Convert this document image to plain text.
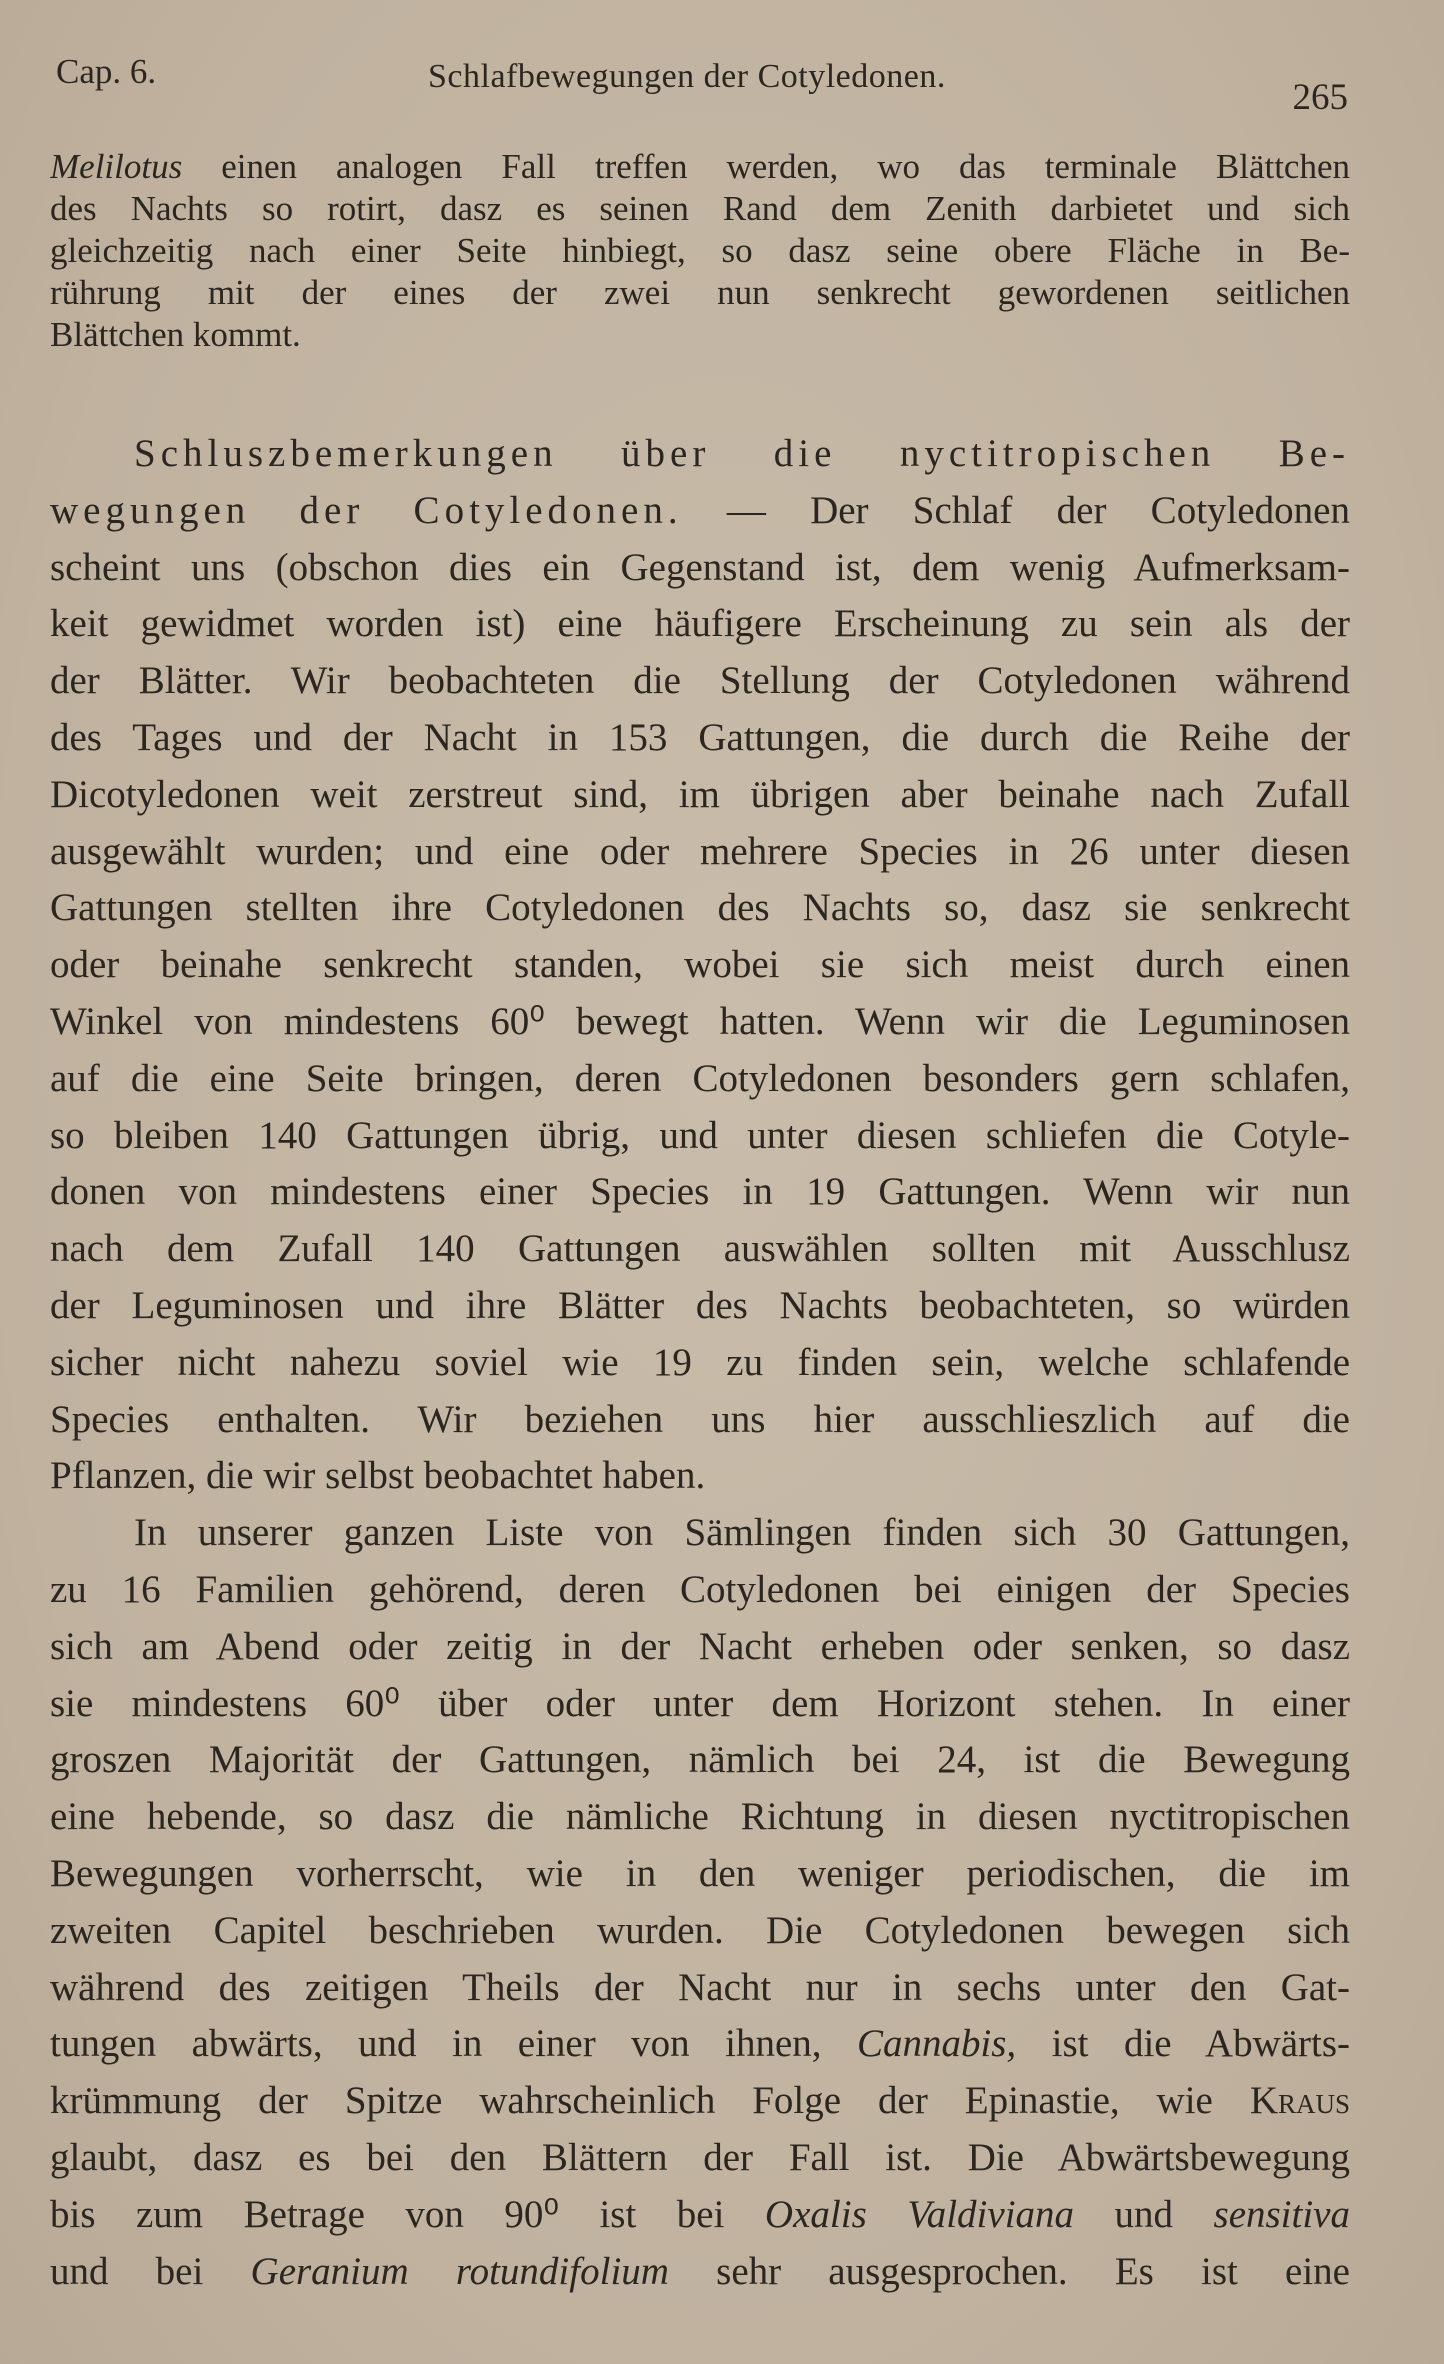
Cap. 6.	Schlafbewegungen der Cotyledonen.
265
Melilotus einen analogen Fall treffen werden, wo das terminale Blättchen
des Nachts so rotirt, dasz es seinen Rand dem Zenith darbietet und sich
gleichzeitig nach einer Seite hinbiegt, so dasz seine obere Fläche in Be-
rührung mit der eines der zwei nun senkrecht gewordenen seitlichen
Blättchen kommt.
Schluszbemerkungen über die nyctitropischen Be-
wegungen der Cotyledonen. — Der Schlaf der Cotyledonen
scheint uns (obschon dies ein Gegenstand ist, dem wenig Aufmerksam-
keit gewidmet worden ist) eine häufigere Erscheinung zu sein als der
der Blätter. Wir beobachteten die Stellung der Cotyledonen während
des Tages und der Nacht in 153 Gattungen, die durch die Reihe der
Dicotyledonen weit zerstreut sind, im übrigen aber beinahe nach Zufall
ausgewählt wurden; und eine oder mehrere Species in 26 unter diesen
Gattungen stellten ihre Cotyledonen des Nachts so, dasz sie senkrecht
oder beinahe senkrecht standen, wobei sie sich meist durch einen
Winkel von mindestens 60⁰ bewegt hatten. Wenn wir die Leguminosen
auf die eine Seite bringen, deren Cotyledonen besonders gern schlafen,
so bleiben 140 Gattungen übrig, und unter diesen schliefen die Cotyle-
donen von mindestens einer Species in 19 Gattungen. Wenn wir nun
nach dem Zufall 140 Gattungen auswählen sollten mit Ausschlusz
der Leguminosen und ihre Blätter des Nachts beobachteten, so würden
sicher nicht nahezu soviel wie 19 zu finden sein, welche schlafende
Species enthalten. Wir beziehen uns hier ausschlieszlich auf die
Pflanzen, die wir selbst beobachtet haben.
In unserer ganzen Liste von Sämlingen finden sich 30 Gattungen,
zu 16 Familien gehörend, deren Cotyledonen bei einigen der Species
sich am Abend oder zeitig in der Nacht erheben oder senken, so dasz
sie mindestens 60⁰ über oder unter dem Horizont stehen. In einer
groszen Majorität der Gattungen, nämlich bei 24, ist die Bewegung
eine hebende, so dasz die nämliche Richtung in diesen nyctitropischen
Bewegungen vorherrscht, wie in den weniger periodischen, die im
zweiten Capitel beschrieben wurden. Die Cotyledonen bewegen sich
während des zeitigen Theils der Nacht nur in sechs unter den Gat-
tungen abwärts, und in einer von ihnen, Cannabis, ist die Abwärts-
krümmung der Spitze wahrscheinlich Folge der Epinastie, wie Kraus
glaubt, dasz es bei den Blättern der Fall ist. Die Abwärtsbewegung
bis zum Betrage von 90⁰ ist bei Oxalis Valdiviana und sensitiva
und bei Geranium rotundifolium sehr ausgesprochen. Es ist eine
